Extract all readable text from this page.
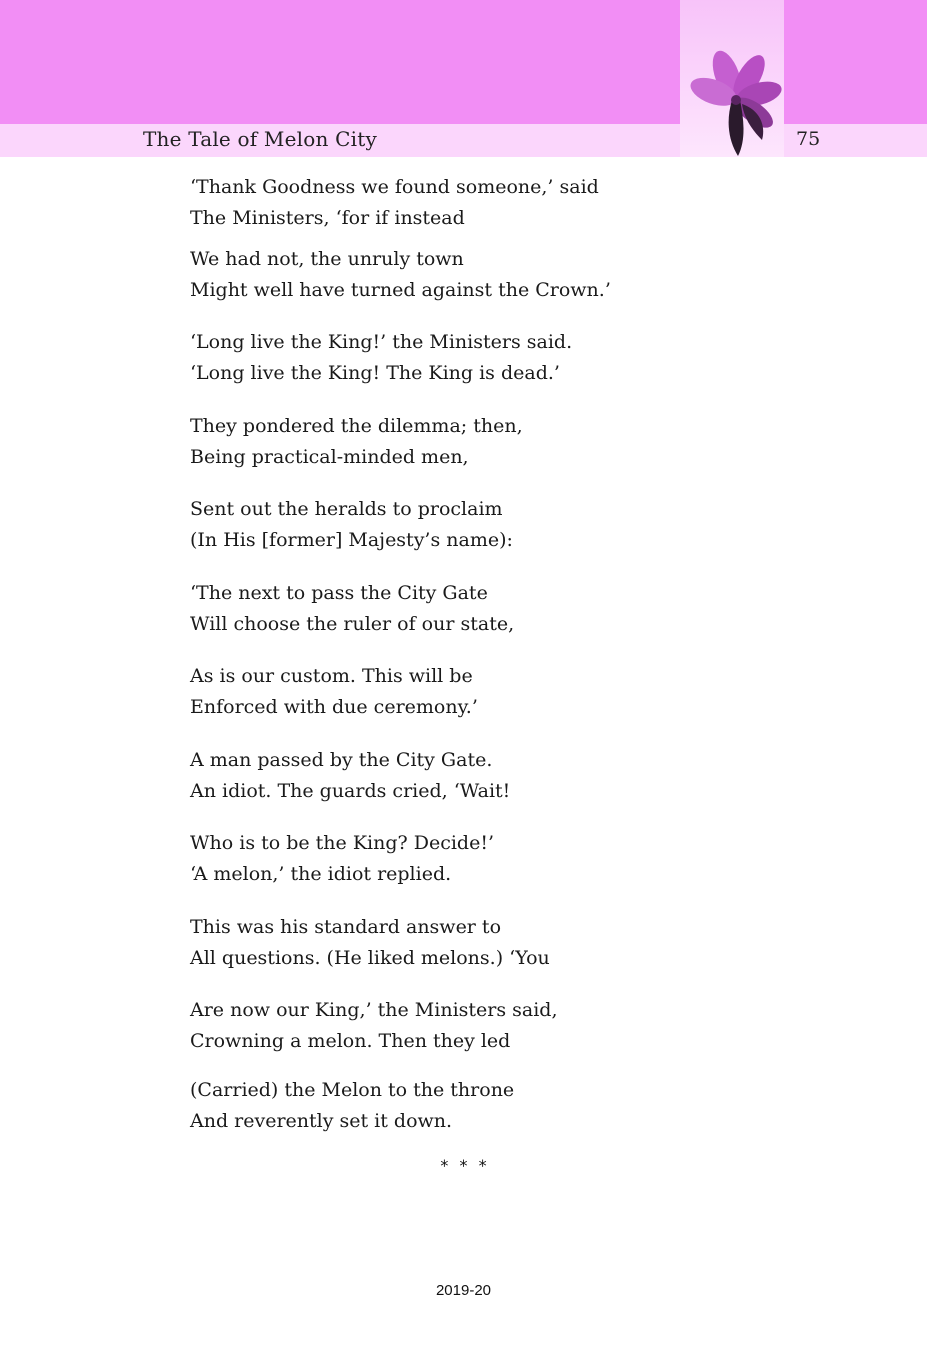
The Tale of Melon City	75
‘Thank Goodness we found someone,’ said
The Ministers, ‘for if instead
We had not, the unruly town
Might well have turned against the Crown.’
‘Long live the King!’ the Ministers said.
‘Long live the King! The King is dead.’
They pondered the dilemma; then,
Being practical-minded men,
Sent out the heralds to proclaim
(In His [former] Majesty’s name):
‘The next to pass the City Gate
Will choose the ruler of our state,
As is our custom. This will be
Enforced with due ceremony.’
A man passed by the City Gate.
An idiot. The guards cried, ‘Wait!
Who is to be the King? Decide!’
‘A melon,’ the idiot replied.
This was his standard answer to
All questions. (He liked melons.) ‘You
Are now our King,’ the Ministers said,
Crowning a melon. Then they led
(Carried) the Melon to the throne
And reverently set it down.
* * *
2019-20
